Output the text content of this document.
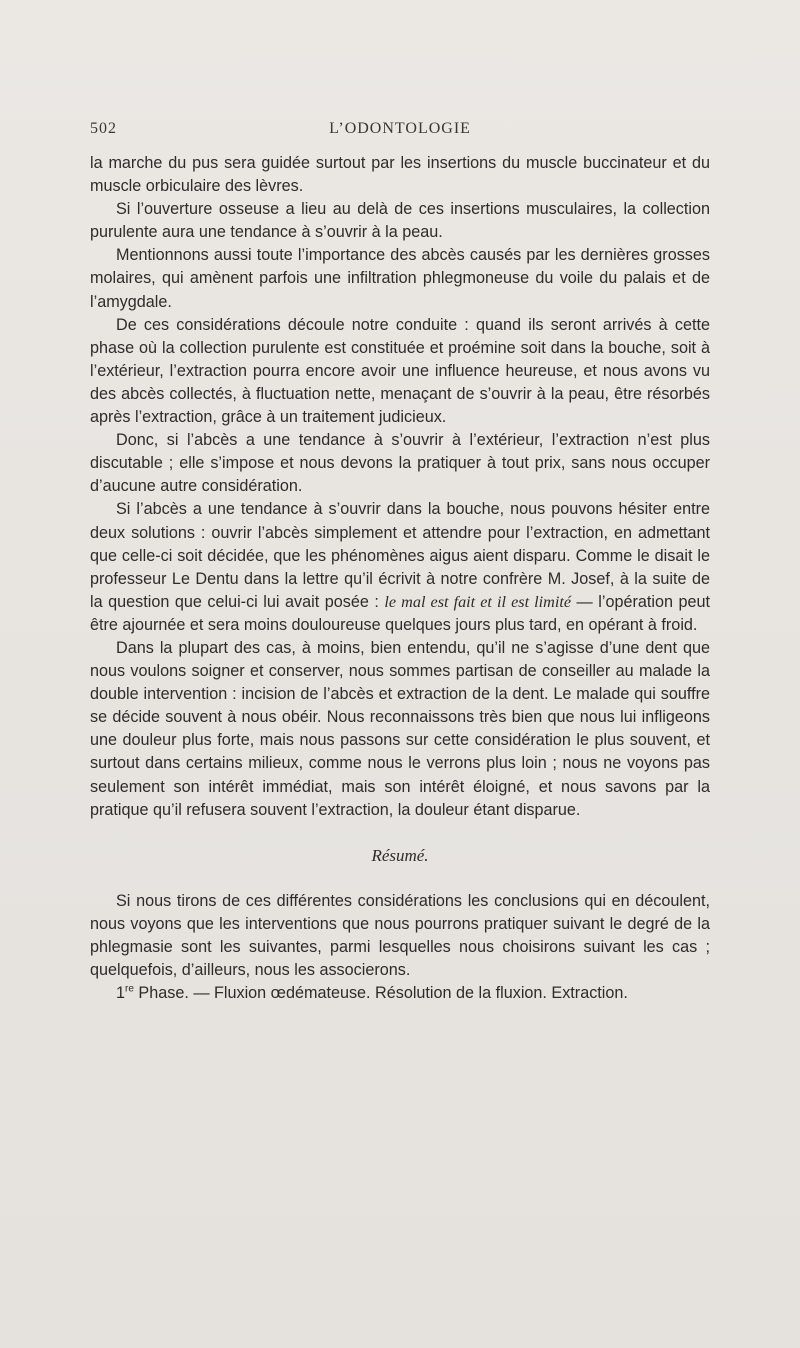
502	L’ODONTOLOGIE

la marche du pus sera guidée surtout par les insertions du muscle buccinateur et du muscle orbiculaire des lèvres.

Si l’ouverture osseuse a lieu au delà de ces insertions musculaires, la collection purulente aura une tendance à s’ouvrir à la peau.

Mentionnons aussi toute l’importance des abcès causés par les dernières grosses molaires, qui amènent parfois une infiltration phlegmoneuse du voile du palais et de l’amygdale.

De ces considérations découle notre conduite : quand ils seront arrivés à cette phase où la collection purulente est constituée et proémine soit dans la bouche, soit à l’extérieur, l’extraction pourra encore avoir une influence heureuse, et nous avons vu des abcès collectés, à fluctuation nette, menaçant de s’ouvrir à la peau, être résorbés après l’extraction, grâce à un traitement judicieux.

Donc, si l’abcès a une tendance à s’ouvrir à l’extérieur, l’extraction n’est plus discutable ; elle s’impose et nous devons la pratiquer à tout prix, sans nous occuper d’aucune autre considération.

Si l’abcès a une tendance à s’ouvrir dans la bouche, nous pouvons hésiter entre deux solutions : ouvrir l’abcès simplement et attendre pour l’extraction, en admettant que celle-ci soit décidée, que les phénomènes aigus aient disparu. Comme le disait le professeur Le Dentu dans la lettre qu’il écrivit à notre confrère M. Josef, à la suite de la question que celui-ci lui avait posée : le mal est fait et il est limité — l’opération peut être ajournée et sera moins douloureuse quelques jours plus tard, en opérant à froid.

Dans la plupart des cas, à moins, bien entendu, qu’il ne s’agisse d’une dent que nous voulons soigner et conserver, nous sommes partisan de conseiller au malade la double intervention : incision de l’abcès et extraction de la dent. Le malade qui souffre se décide souvent à nous obéir. Nous reconnaissons très bien que nous lui infligeons une douleur plus forte, mais nous passons sur cette considération le plus souvent, et surtout dans certains milieux, comme nous le verrons plus loin ; nous ne voyons pas seulement son intérêt immédiat, mais son intérêt éloigné, et nous savons par la pratique qu’il refusera souvent l’extraction, la douleur étant disparue.

Résumé.

Si nous tirons de ces différentes considérations les conclusions qui en découlent, nous voyons que les interventions que nous pourrons pratiquer suivant le degré de la phlegmasie sont les suivantes, parmi lesquelles nous choisirons suivant les cas ; quelquefois, d’ailleurs, nous les associerons.

1re Phase. — Fluxion œdémateuse. Résolution de la fluxion. Extraction.
